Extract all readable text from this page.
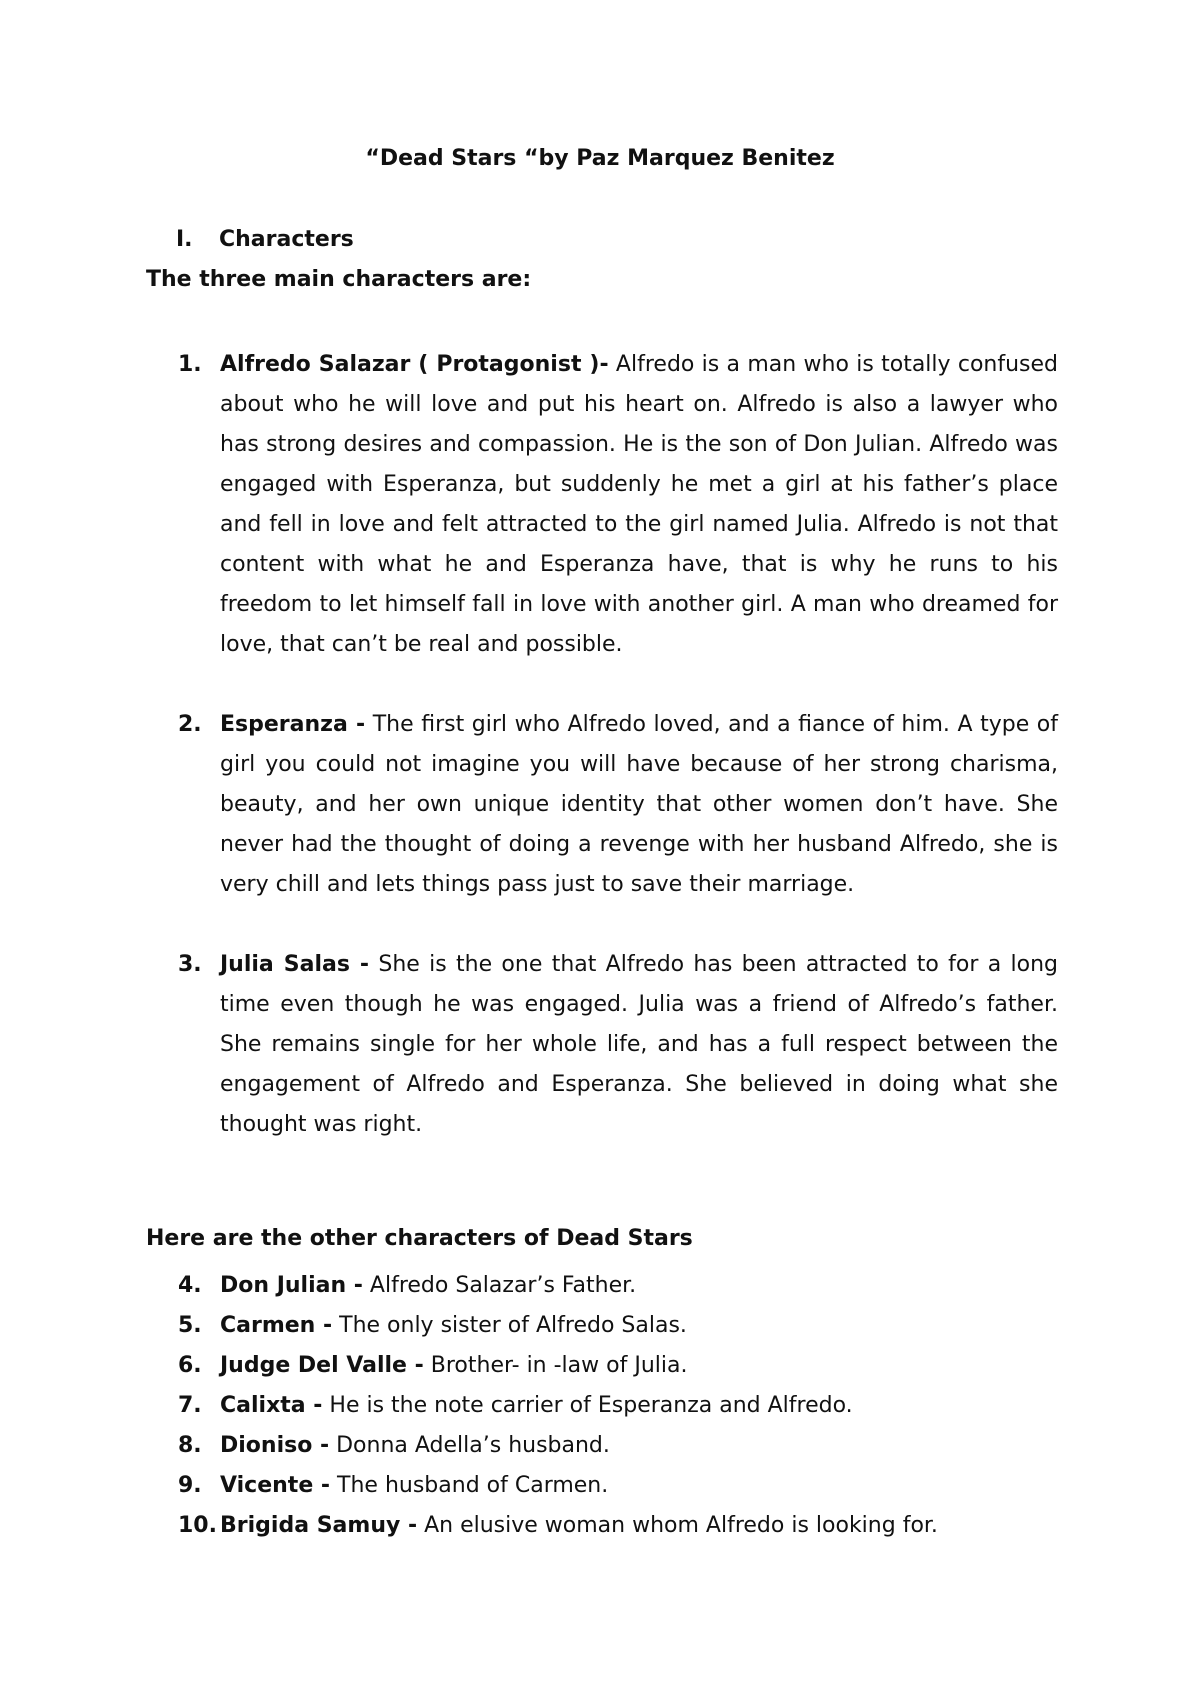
“Dead Stars “by Paz Marquez Benitez
I. Characters
The three main characters are:
1. Alfredo Salazar ( Protagonist )- Alfredo is a man who is totally confused about who he will love and put his heart on. Alfredo is also a lawyer who has strong desires and compassion. He is the son of Don Julian. Alfredo was engaged with Esperanza, but suddenly he met a girl at his father’s place and fell in love and felt attracted to the girl named Julia. Alfredo is not that content with what he and Esperanza have, that is why he runs to his freedom to let himself fall in love with another girl. A man who dreamed for love, that can’t be real and possible.
2. Esperanza - The first girl who Alfredo loved, and a fiance of him. A type of girl you could not imagine you will have because of her strong charisma, beauty, and her own unique identity that other women don’t have. She never had the thought of doing a revenge with her husband Alfredo, she is very chill and lets things pass just to save their marriage.
3. Julia Salas - She is the one that Alfredo has been attracted to for a long time even though he was engaged. Julia was a friend of Alfredo’s father. She remains single for her whole life, and has a full respect between the engagement of Alfredo and Esperanza. She believed in doing what she thought was right.
Here are the other characters of Dead Stars
4. Don Julian - Alfredo Salazar’s Father.
5. Carmen - The only sister of Alfredo Salas.
6. Judge Del Valle - Brother- in -law of Julia.
7. Calixta - He is the note carrier of Esperanza and Alfredo.
8. Dioniso - Donna Adella’s husband.
9. Vicente - The husband of Carmen.
10. Brigida Samuy - An elusive woman whom Alfredo is looking for.
